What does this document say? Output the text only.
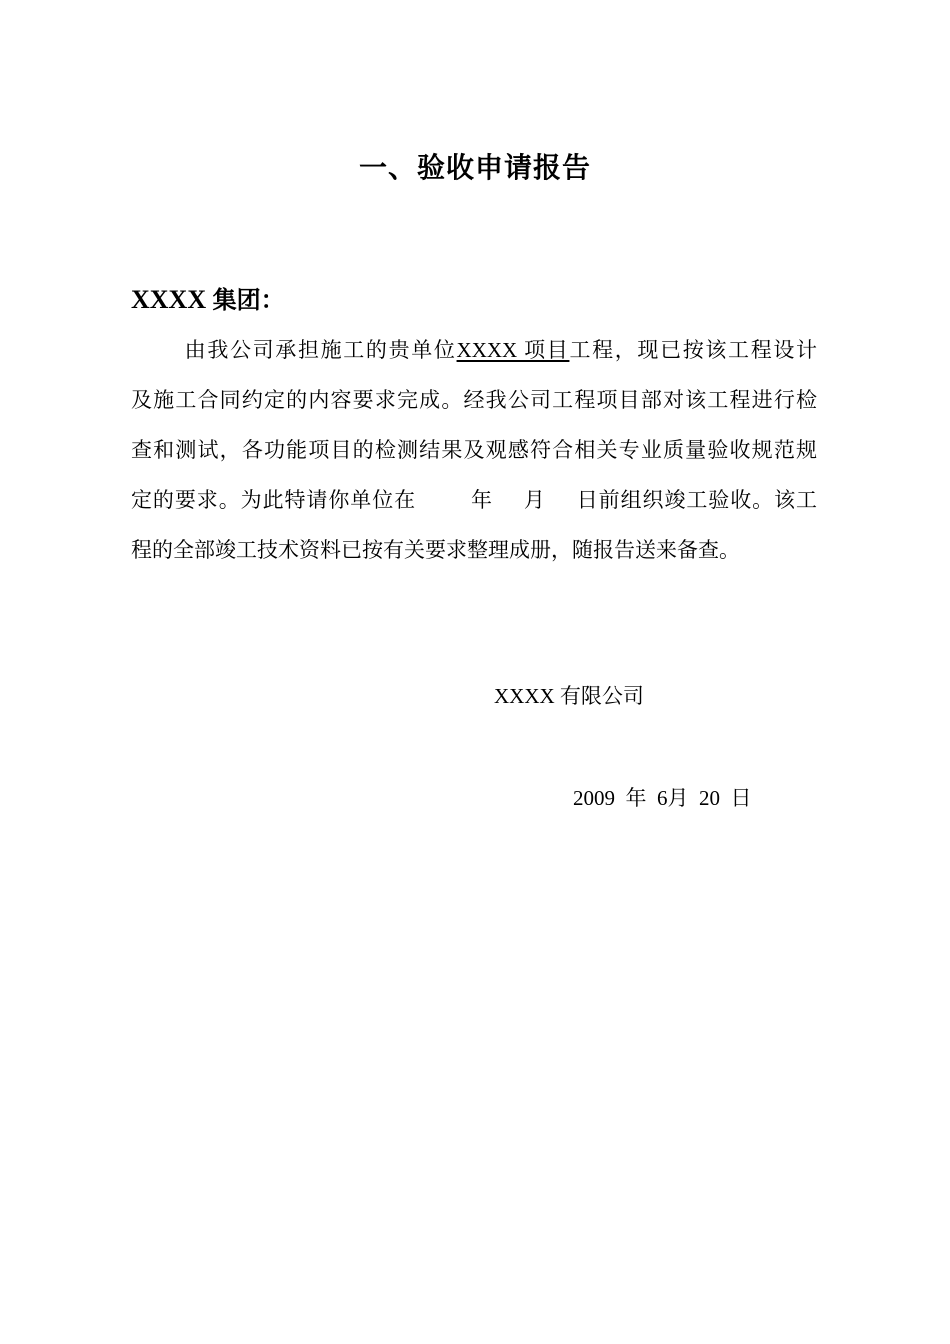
一、验收申请报告
XXXX 集团：
由我公司承担施工的贵单位XXXX 项目工程，现已按该工程设计
及施工合同约定的内容要求完成。经我公司工程项目部对该工程进行检
查和测试，各功能项目的检测结果及观感符合相关专业质量验收规范规
定的要求。为此特请你单位在	年 月 日前组织竣工验收。该工
程的全部竣工技术资料已按有关要求整理成册，随报告送来备查。
XXXX 有限公司
2009 年 6月 20 日
